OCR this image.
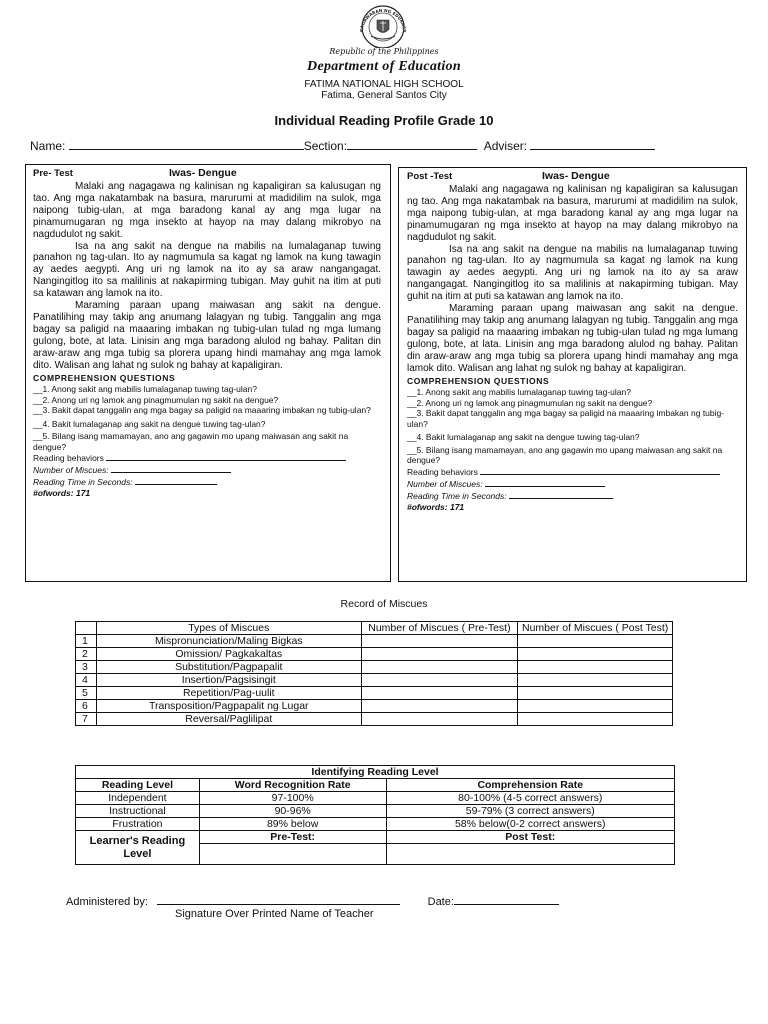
KAGAWARAN NG EDUKASY
Republic of the Philippines
Department of Education
FATIMA NATIONAL HIGH SCHOOL
Fatima, General Santos City
Individual Reading Profile Grade 10
Name:	Section:	Adviser:
Pre- Test	Iwas- Dengue

Malaki ang nagagawa ng kalinisan ng kapaligiran sa kalusugan ng tao. Ang mga nakatambak na basura, marurumi at madidilim na sulok, mga naipong tubig-ulan, at mga baradong kanal ay ang mga lugar na pinamumugaran ng mga insekto at hayop na may dalang mikrobyo na nagdudulot ng sakit.

Isa na ang sakit na dengue na mabilis na lumalaganap tuwing panahon ng tag-ulan. Ito ay nagmumula sa kagat ng lamok na kung tawagin ay aedes aegypti. Ang uri ng lamok na ito ay sa araw nangangagat. Nangingitlog ito sa malilinis at nakapirming tubigan. May guhit na itim at puti sa katawan ang lamok na ito.

Maraming paraan upang maiwasan ang sakit na dengue. Panatilihing may takip ang anumang lalagyan ng tubig. Tanggalin ang mga bagay sa paligid na maaaring imbakan ng tubig-ulan tulad ng mga lumang gulong, bote, at lata. Linisin ang mga baradong alulod ng bahay. Palitan din araw-araw ang mga tubig sa plorera upang hindi mamahay ang mga lamok dito. Walisan ang lahat ng sulok ng bahay at kapaligiran.

COMPREHENSION QUESTIONS
__1. Anong sakit ang mabilis lumalaganap tuwing tag-ulan?
__2. Anong uri ng lamok ang pinagmumulan ng sakit na dengue?
__3. Bakit dapat tanggalin ang mga bagay sa paligid na maaaring imbakan ng tubig-ulan?
__4. Bakit lumalaganap ang sakit na dengue tuwing tag-ulan?
__5. Bilang isang mamamayan, ano ang gagawin mo upang maiwasan ang sakit na dengue?
Reading behaviors
Number of Miscues:
Reading Time in Seconds:
#ofwords: 171
Post -Test	Iwas- Dengue

Malaki ang nagagawa ng kalinisan ng kapaligiran sa kalusugan ng tao. Ang mga nakatambak na basura, marurumi at madidilim na sulok, mga naipong tubig-ulan, at mga baradong kanal ay ang mga lugar na pinamumugaran ng mga insekto at hayop na may dalang mikrobyo na nagdudulot ng sakit.

Isa na ang sakit na dengue na mabilis na lumalaganap tuwing panahon ng tag-ulan. Ito ay nagmumula sa kagat ng lamok na kung tawagin ay aedes aegypti. Ang uri ng lamok na ito ay sa araw nangangagat. Nangingitlog ito sa malilinis at nakapirming tubigan. May guhit na itim at puti sa katawan ang lamok na ito.

Maraming paraan upang maiwasan ang sakit na dengue. Panatilihing may takip ang anumang lalagyan ng tubig. Tanggalin ang mga bagay sa paligid na maaaring imbakan ng tubig-ulan tulad ng mga lumang gulong, bote, at lata. Linisin ang mga baradong alulod ng bahay. Palitan din araw-araw ang mga tubig sa plorera upang hindi mamahay ang mga lamok dito. Walisan ang lahat ng sulok ng bahay at kapaligiran.

COMPREHENSION QUESTIONS
__1. Anong sakit ang mabilis lumalaganap tuwing tag-ulan?
__2. Anong uri ng lamok ang pinagmumulan ng sakit na dengue?
__3. Bakit dapat tanggalin ang mga bagay sa paligid na maaaring imbakan ng tubig-ulan?
__4. Bakit lumalaganap ang sakit na dengue tuwing tag-ulan?
__5. Bilang isang mamamayan, ano ang gagawin mo upang maiwasan ang sakit na dengue?
Reading behaviors
Number of Miscues:
Reading Time in Seconds:
#ofwords: 171
Record of Miscues
	Types of Miscues	Number of Miscues ( Pre-Test)	Number of Miscues ( Post Test)
1	Mispronunciation/Maling Bigkas		
2	Omission/ Pagkakaltas		
3	Substitution/Pagpapalit		
4	Insertion/Pagsisingit		
5	Repetition/Pag-uulit		
6	Transposition/Pagpapalit ng Lugar		
7	Reversal/Paglilipat		
Identifying Reading Level		
Reading Level	Word Recognition Rate	Comprehension Rate
Independent	97-100%	80-100% (4-5 correct answers)
Instructional	90-96%	59-79% (3 correct answers)
Frustration	89% below	58% below(0-2 correct answers)
Learner's Reading Level	Pre-Test:	Post Test:

Administered by:	Date:
Signature Over Printed Name of Teacher
